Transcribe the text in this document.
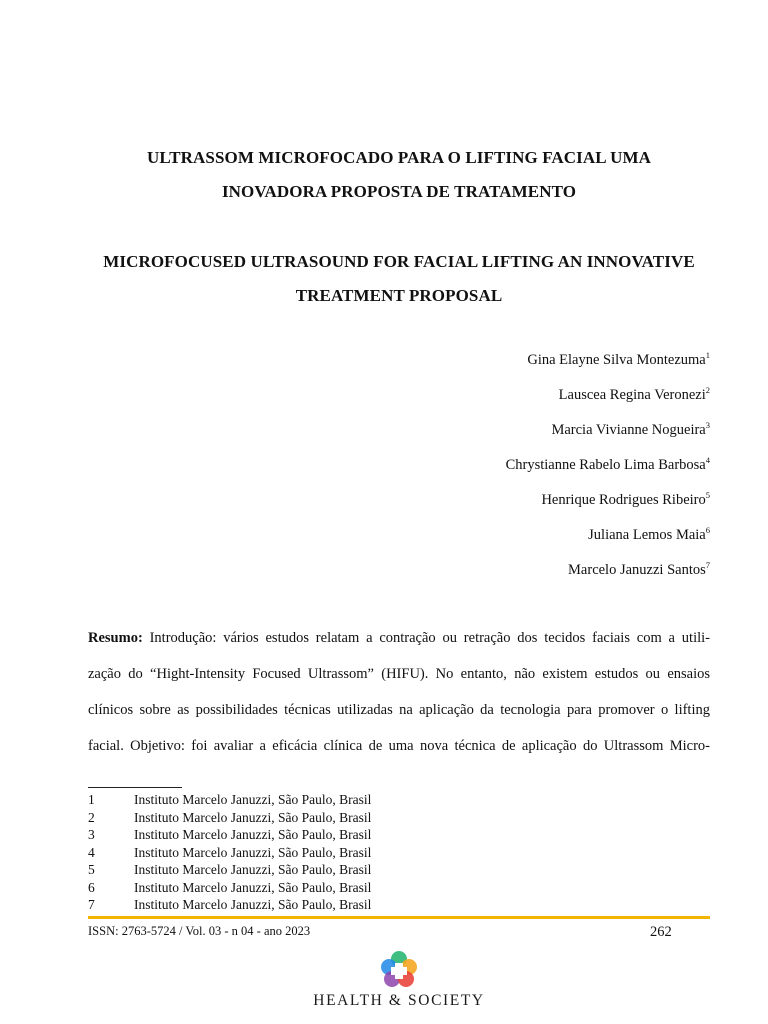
ULTRASSOM MICROFOCADO PARA O LIFTING FACIAL UMA
INOVADORA PROPOSTA DE TRATAMENTO
MICROFOCUSED ULTRASOUND FOR FACIAL LIFTING AN INNOVATIVE
TREATMENT PROPOSAL
Gina Elayne Silva Montezuma$^1$
Lauscea Regina Veronezi$^2$
Marcia Vivianne Nogueira$^3$
Chrystianne Rabelo Lima Barbosa$^4$
Henrique Rodrigues Ribeiro$^5$
Juliana Lemos Maia$^6$
Marcelo Januzzi Santos$^7$
Resumo: Introdução: vários estudos relatam a contração ou retração dos tecidos faciais com a utili-
zação do “Hight-Intensity Focused Ultrassom” (HIFU). No entanto, não existem estudos ou ensaios
clínicos sobre as possibilidades técnicas utilizadas na aplicação da tecnologia para promover o lifting
facial. Objetivo: foi avaliar a eficácia clínica de uma nova técnica de aplicação do Ultrassom Micro-
1	Instituto Marcelo Januzzi, São Paulo, Brasil
2	Instituto Marcelo Januzzi, São Paulo, Brasil
3	Instituto Marcelo Januzzi, São Paulo, Brasil
4	Instituto Marcelo Januzzi, São Paulo, Brasil
5	Instituto Marcelo Januzzi, São Paulo, Brasil
6	Instituto Marcelo Januzzi, São Paulo, Brasil
7	Instituto Marcelo Januzzi, São Paulo, Brasil
ISSN: 2763-5724 / Vol. 03 - n 04 - ano 2023	262
HEALTH & SOCIETY
